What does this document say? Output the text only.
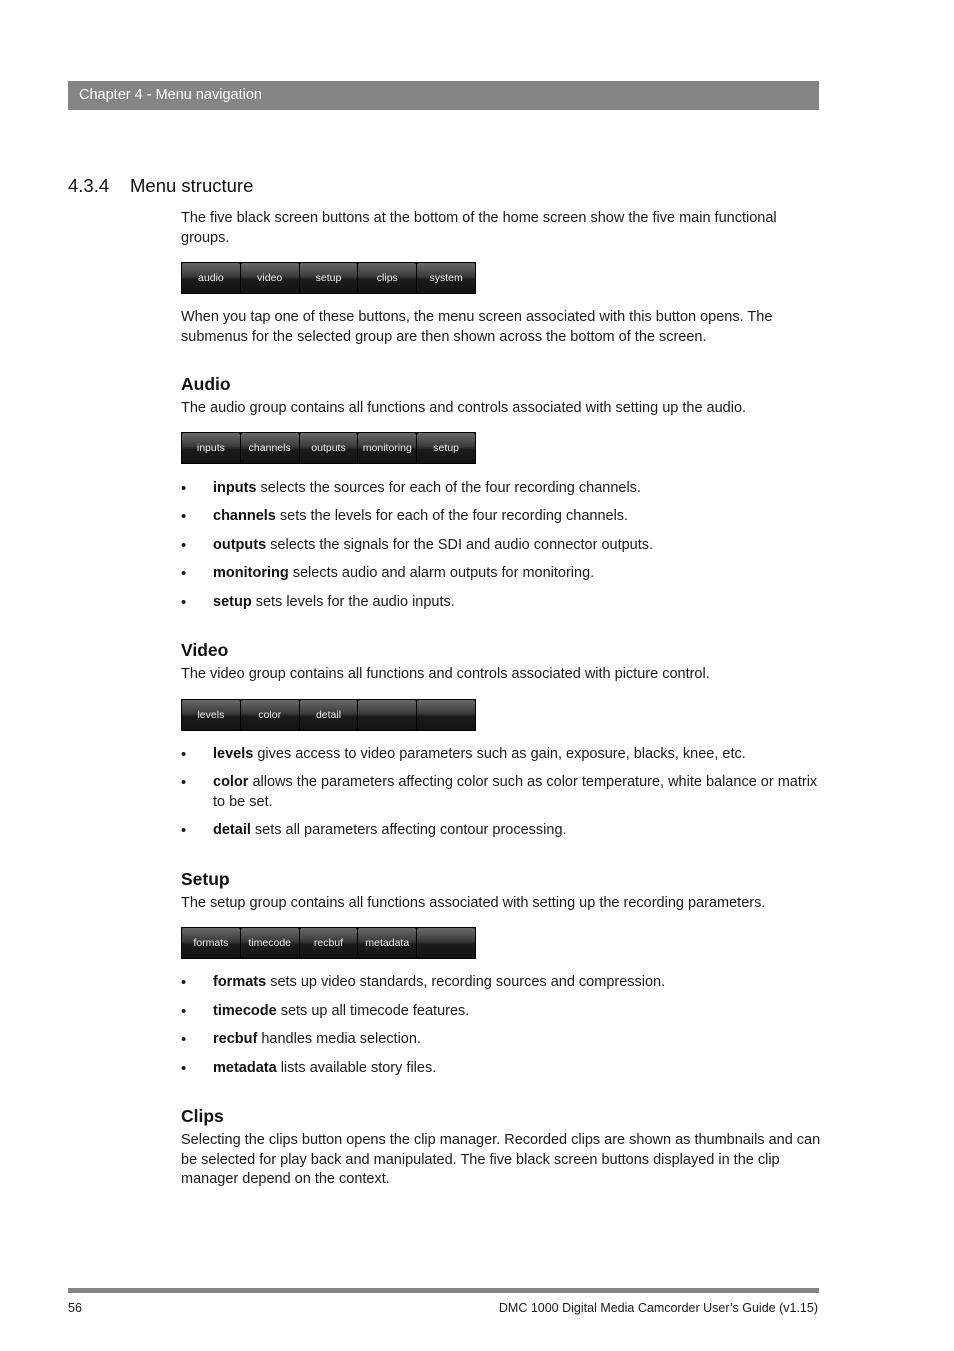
Chapter 4 - Menu navigation
4.3.4 Menu structure

The five black screen buttons at the bottom of the home screen show the five main functional groups.

audio	video	setup	clips	system

When you tap one of these buttons, the menu screen associated with this button opens. The submenus for the selected group are then shown across the bottom of the screen.

Audio

The audio group contains all functions and controls associated with setting up the audio.

inputs	channels	outputs	monitoring	setup
• inputs selects the sources for each of the four recording channels.
• channels sets the levels for each of the four recording channels.
• outputs selects the signals for the SDI and audio connector outputs.
• monitoring selects audio and alarm outputs for monitoring.
• setup sets levels for the audio inputs.
Video

The video group contains all functions and controls associated with picture control.

levels	color	detail
• levels gives access to video parameters such as gain, exposure, blacks, knee, etc.
• color allows the parameters affecting color such as color temperature, white balance or matrix to be set.
• detail sets all parameters affecting contour processing.
Setup

The setup group contains all functions associated with setting up the recording parameters.

formats	timecode	recbuf	metadata
• formats sets up video standards, recording sources and compression.
• timecode sets up all timecode features.
• recbuf handles media selection.
• metadata lists available story files.
Clips

Selecting the clips button opens the clip manager. Recorded clips are shown as thumbnails and can be selected for play back and manipulated. The five black screen buttons displayed in the clip manager depend on the context.

56	DMC 1000 Digital Media Camcorder User’s Guide (v1.15)
